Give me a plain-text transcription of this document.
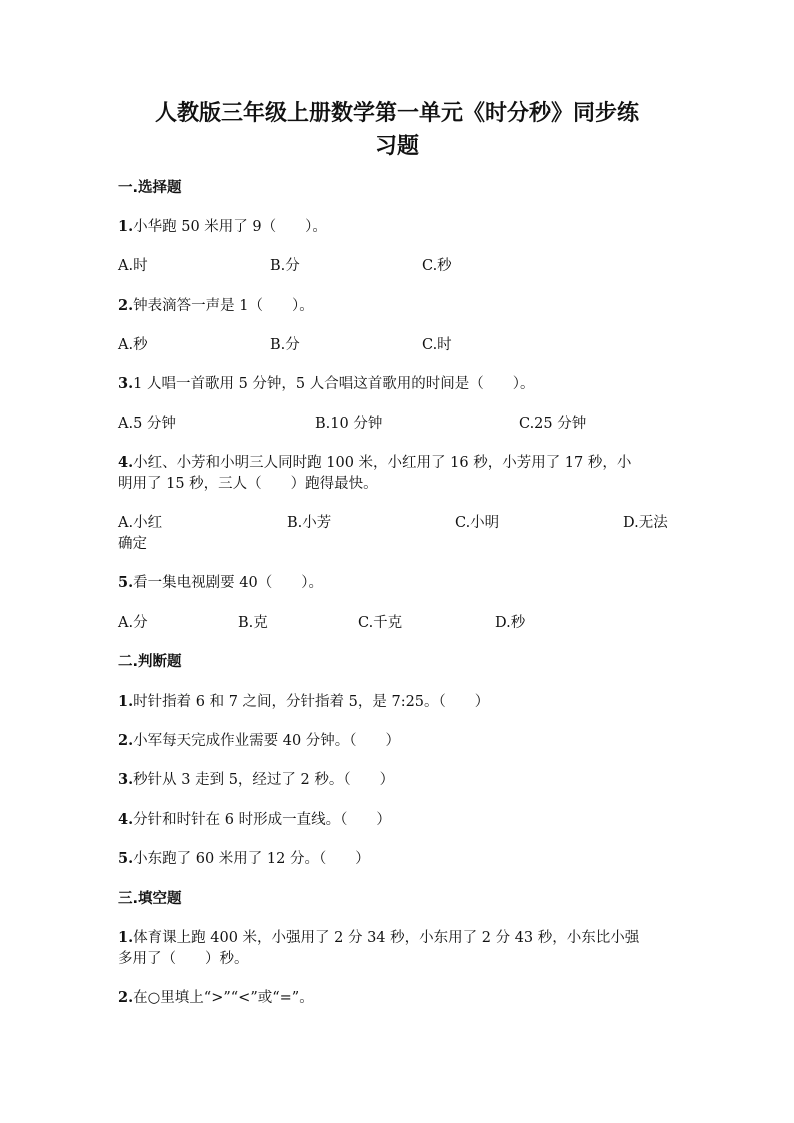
人教版三年级上册数学第一单元《时分秒》同步练
习题
一.选择题
1.小华跑 50 米用了 9（　　）。
A.时	B.分	C.秒
2.钟表滴答一声是 1（　　）。
A.秒	B.分	C.时
3.1 人唱一首歌用 5 分钟，5 人合唱这首歌用的时间是（　　）。
A.5 分钟	B.10 分钟	C.25 分钟
4.小红、小芳和小明三人同时跑 100 米，小红用了 16 秒，小芳用了 17 秒，小
明用了 15 秒，三人（　　）跑得最快。
A.小红	B.小芳	C.小明	D.无法
确定
5.看一集电视剧要 40（　　）。
A.分	B.克	C.千克	D.秒
二.判断题
1.时针指着 6 和 7 之间，分针指着 5，是 7:25。（　　）
2.小军每天完成作业需要 40 分钟。（　　）
3.秒针从 3 走到 5，经过了 2 秒。（　　）
4.分针和时针在 6 时形成一直线。（　　）
5.小东跑了 60 米用了 12 分。（　　）
三.填空题
1.体育课上跑 400 米，小强用了 2 分 34 秒，小东用了 2 分 43 秒，小东比小强
多用了（　　）秒。
2.在○里填上“>”“<”或“=”。
